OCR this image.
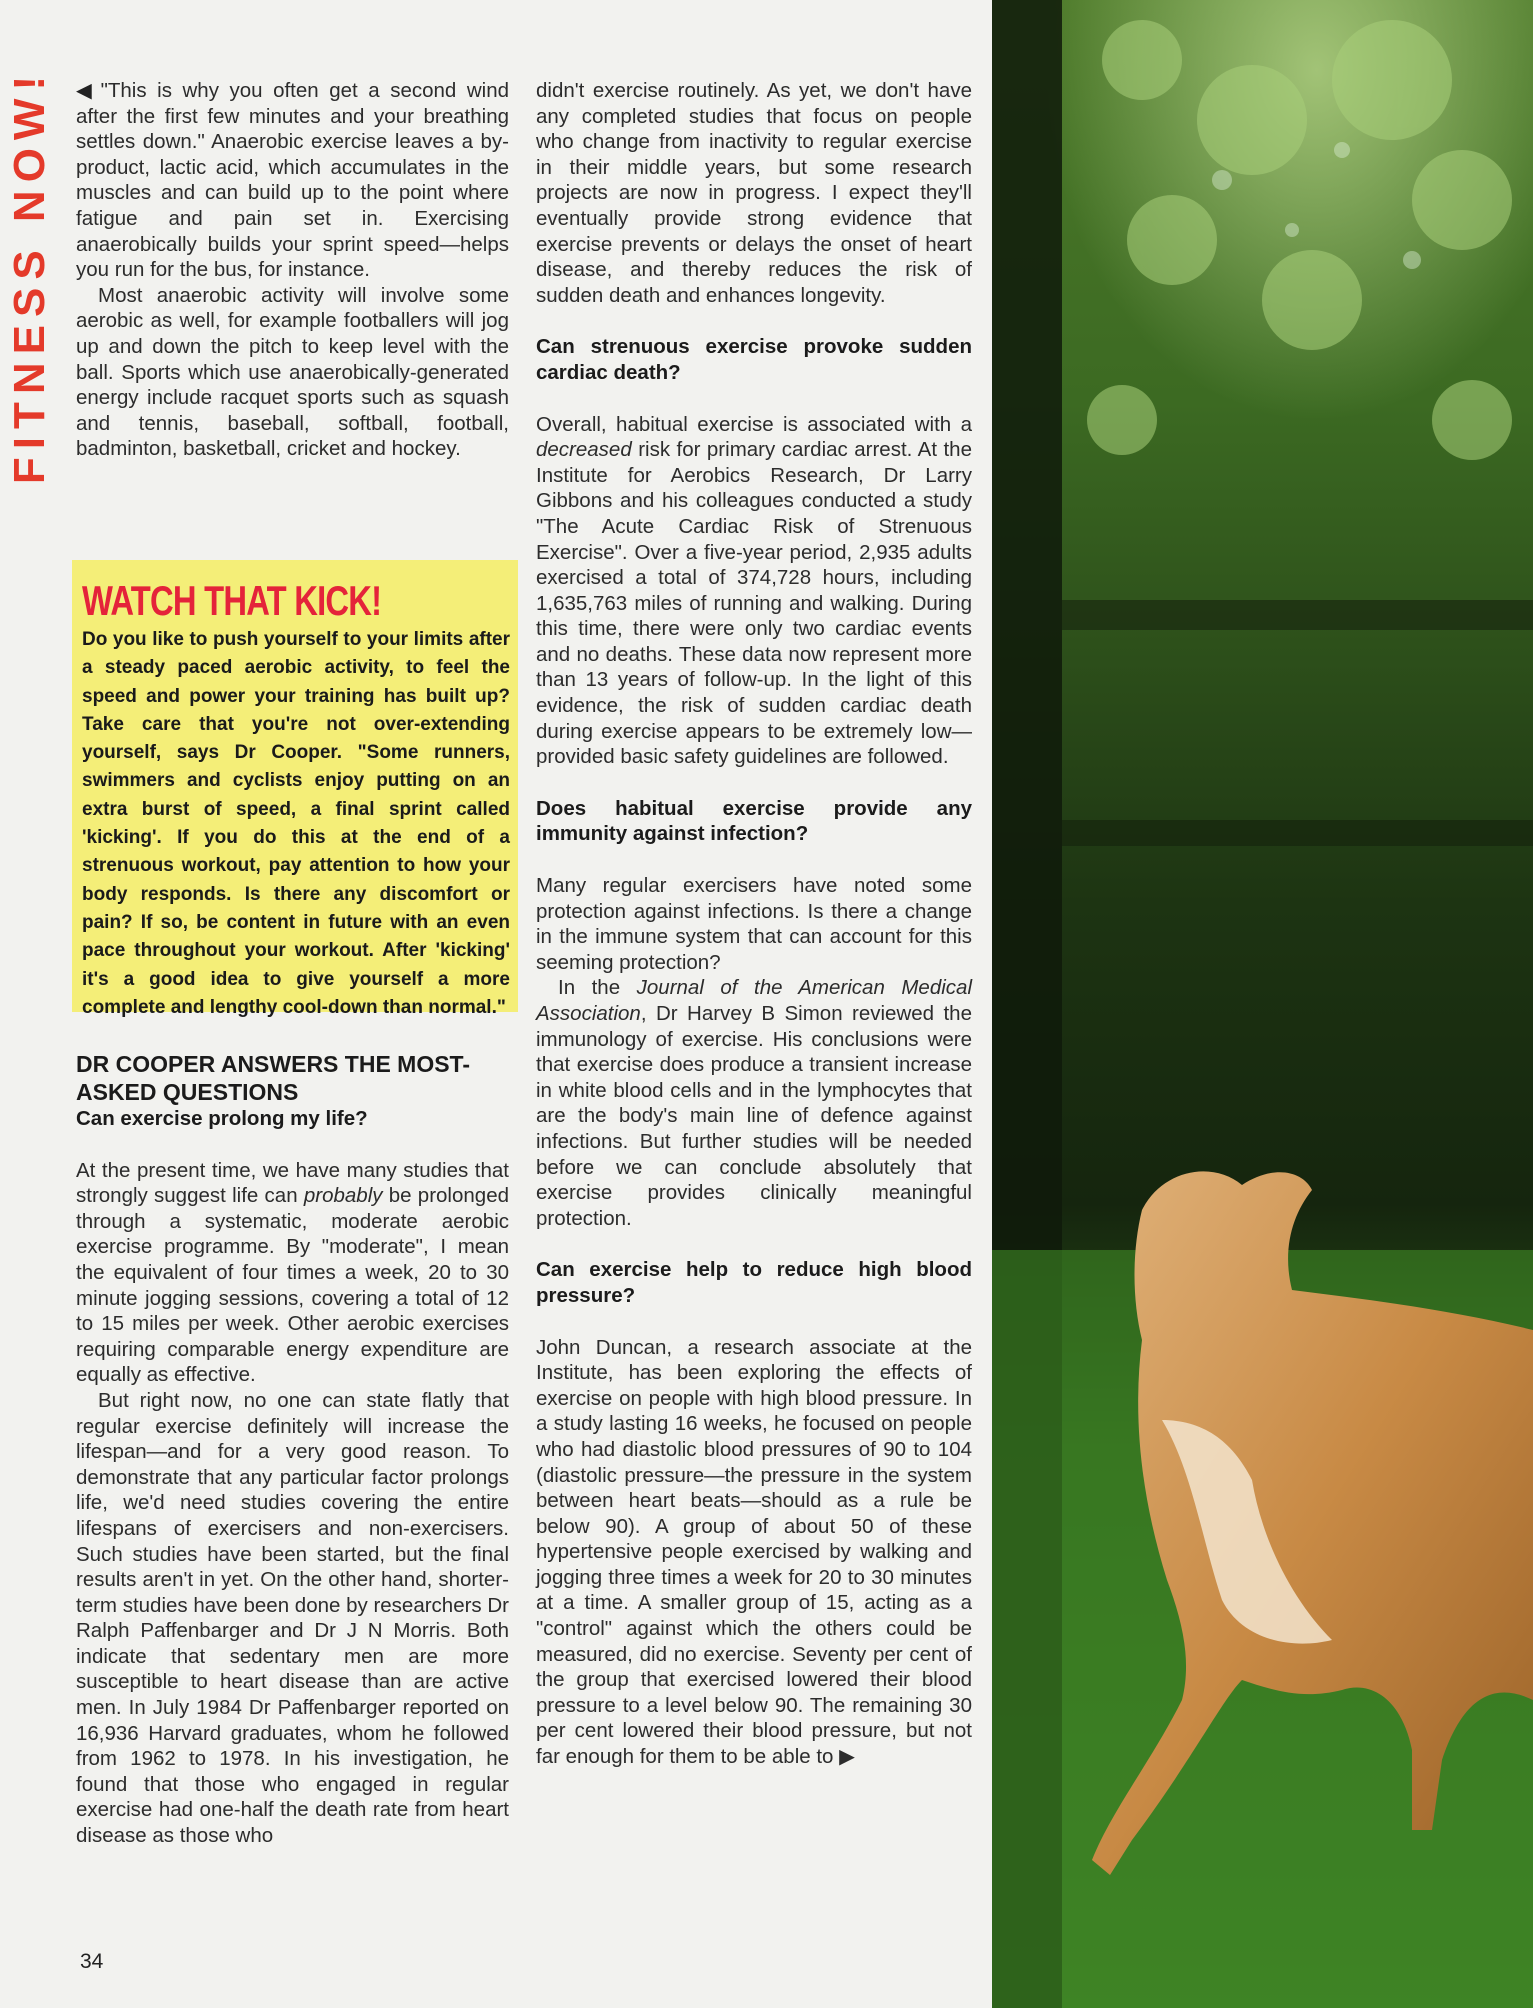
FITNESS NOW! ◀ "This is why you often get a second wind after the first few minutes and your breathing settles down." Anaerobic exercise leaves a by-product, lactic acid, which accumulates in the muscles and can build up to the point where fatigue and pain set in. Exercising anaerobically builds your sprint speed—helps you run for the bus, for instance.

Most anaerobic activity will involve some aerobic as well, for example footballers will jog up and down the pitch to keep level with the ball. Sports which use anaerobically-generated energy include racquet sports such as squash and tennis, baseball, softball, football, badminton, basketball, cricket and hockey.

WATCH THAT KICK!
Do you like to push yourself to your limits after a steady paced aerobic activity, to feel the speed and power your training has built up? Take care that you're not over-extending yourself, says Dr Cooper. "Some runners, swimmers and cyclists enjoy putting on an extra burst of speed, a final sprint called 'kicking'. If you do this at the end of a strenuous workout, pay attention to how your body responds. Is there any discomfort or pain? If so, be content in future with an even pace throughout your workout. After 'kicking' it's a good idea to give yourself a more complete and lengthy cool-down than normal."
DR COOPER ANSWERS THE MOST-ASKED QUESTIONS
Can exercise prolong my life?

At the present time, we have many studies that strongly suggest life can probably be prolonged through a systematic, moderate aerobic exercise programme. By "moderate", I mean the equivalent of four times a week, 20 to 30 minute jogging sessions, covering a total of 12 to 15 miles per week. Other aerobic exercises requiring comparable energy expenditure are equally as effective.

But right now, no one can state flatly that regular exercise definitely will increase the lifespan—and for a very good reason. To demonstrate that any particular factor prolongs life, we'd need studies covering the entire lifespans of exercisers and non-exercisers. Such studies have been started, but the final results aren't in yet. On the other hand, shorter-term studies have been done by researchers Dr Ralph Paffenbarger and Dr J N Morris. Both indicate that sedentary men are more susceptible to heart disease than are active men. In July 1984 Dr Paffenbarger reported on 16,936 Harvard graduates, whom he followed from 1962 to 1978. In his investigation, he found that those who engaged in regular exercise had one-half the death rate from heart disease as those who

didn't exercise routinely. As yet, we don't have any completed studies that focus on people who change from inactivity to regular exercise in their middle years, but some research projects are now in progress. I expect they'll eventually provide strong evidence that exercise prevents or delays the onset of heart disease, and thereby reduces the risk of sudden death and enhances longevity.

Can strenuous exercise provoke sudden cardiac death?

Overall, habitual exercise is associated with a decreased risk for primary cardiac arrest. At the Institute for Aerobics Research, Dr Larry Gibbons and his colleagues conducted a study "The Acute Cardiac Risk of Strenuous Exercise". Over a five-year period, 2,935 adults exercised a total of 374,728 hours, including 1,635,763 miles of running and walking. During this time, there were only two cardiac events and no deaths. These data now represent more than 13 years of follow-up. In the light of this evidence, the risk of sudden cardiac death during exercise appears to be extremely low—provided basic safety guidelines are followed.

Does habitual exercise provide any immunity against infection?

Many regular exercisers have noted some protection against infections. Is there a change in the immune system that can account for this seeming protection?

In the Journal of the American Medical Association, Dr Harvey B Simon reviewed the immunology of exercise. His conclusions were that exercise does produce a transient increase in white blood cells and in the lymphocytes that are the body's main line of defence against infections. But further studies will be needed before we can conclude absolutely that exercise provides clinically meaningful protection.

Can exercise help to reduce high blood pressure?

John Duncan, a research associate at the Institute, has been exploring the effects of exercise on people with high blood pressure. In a study lasting 16 weeks, he focused on people who had diastolic blood pressures of 90 to 104 (diastolic pressure—the pressure in the system between heart beats—should as a rule be below 90). A group of about 50 of these hypertensive people exercised by walking and jogging three times a week for 20 to 30 minutes at a time. A smaller group of 15, acting as a "control" against which the others could be measured, did no exercise. Seventy per cent of the group that exercised lowered their blood pressure to a level below 90. The remaining 30 per cent lowered their blood pressure, but not far enough for them to be able to ▶

34
